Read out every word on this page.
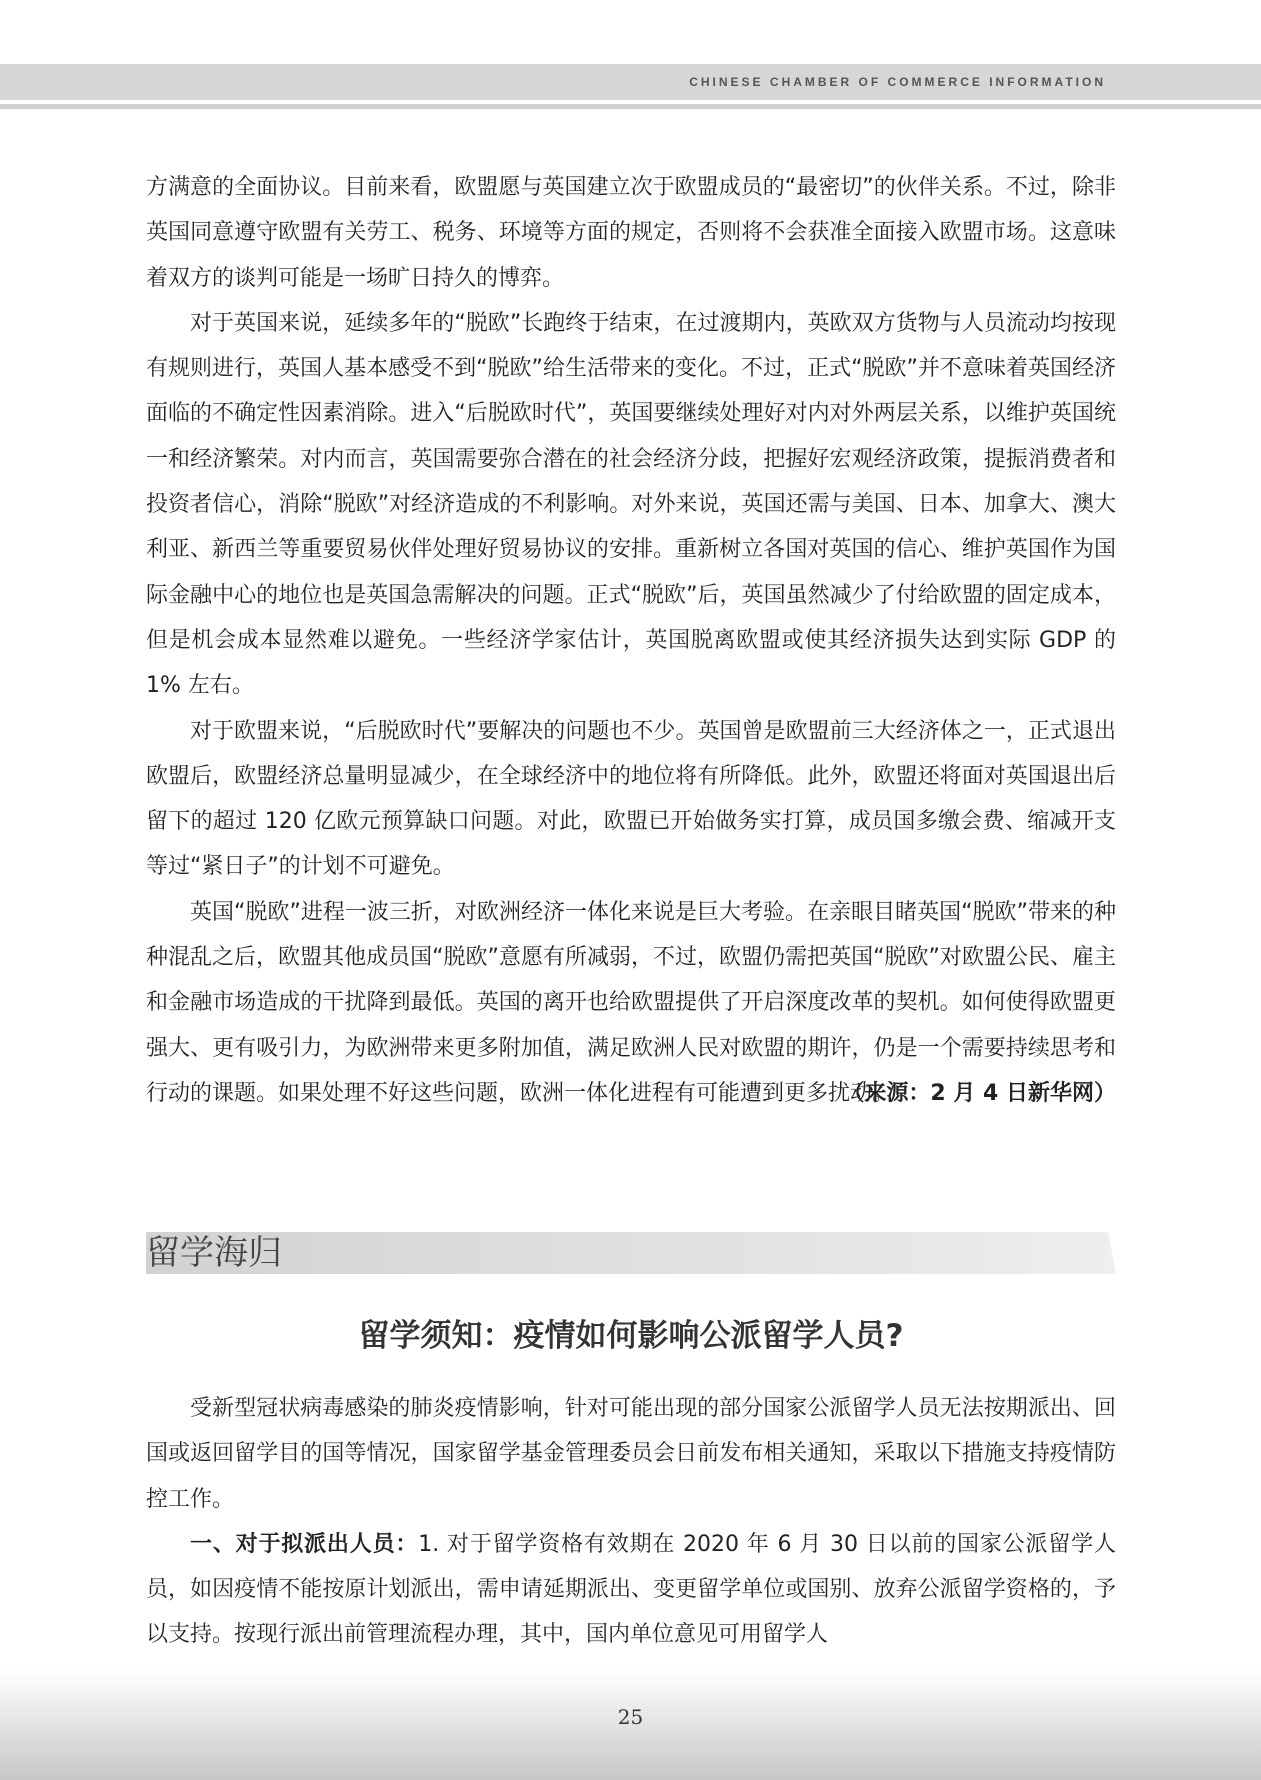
CHINESE CHAMBER OF COMMERCE INFORMATION

方满意的全面协议。目前来看，欧盟愿与英国建立次于欧盟成员的“最密切”的伙伴关系。不过，除非英国同意遵守欧盟有关劳工、税务、环境等方面的规定，否则将不会获准全面接入欧盟市场。这意味着双方的谈判可能是一场旷日持久的博弈。

对于英国来说，延续多年的“脱欧”长跑终于结束，在过渡期内，英欧双方货物与人员流动均按现有规则进行，英国人基本感受不到“脱欧”给生活带来的变化。不过，正式“脱欧”并不意味着英国经济面临的不确定性因素消除。进入“后脱欧时代”，英国要继续处理好对内对外两层关系，以维护英国统一和经济繁荣。对内而言，英国需要弥合潜在的社会经济分歧，把握好宏观经济政策，提振消费者和投资者信心，消除“脱欧”对经济造成的不利影响。对外来说，英国还需与美国、日本、加拿大、澳大利亚、新西兰等重要贸易伙伴处理好贸易协议的安排。重新树立各国对英国的信心、维护英国作为国际金融中心的地位也是英国急需解决的问题。正式“脱欧”后，英国虽然减少了付给欧盟的固定成本，但是机会成本显然难以避免。一些经济学家估计，英国脱离欧盟或使其经济损失达到实际 GDP 的 1% 左右。

对于欧盟来说，“后脱欧时代”要解决的问题也不少。英国曾是欧盟前三大经济体之一，正式退出欧盟后，欧盟经济总量明显减少，在全球经济中的地位将有所降低。此外，欧盟还将面对英国退出后留下的超过 120 亿欧元预算缺口问题。对此，欧盟已开始做务实打算，成员国多缴会费、缩减开支等过“紧日子”的计划不可避免。

英国“脱欧”进程一波三折，对欧洲经济一体化来说是巨大考验。在亲眼目睹英国“脱欧”带来的种种混乱之后，欧盟其他成员国“脱欧”意愿有所减弱，不过，欧盟仍需把英国“脱欧”对欧盟公民、雇主和金融市场造成的干扰降到最低。英国的离开也给欧盟提供了开启深度改革的契机。如何使得欧盟更强大、更有吸引力，为欧洲带来更多附加值，满足欧洲人民对欧盟的期许，仍是一个需要持续思考和行动的课题。如果处理不好这些问题，欧洲一体化进程有可能遭到更多扰动。

（来源：2 月 4 日新华网）
留学海归
留学须知：疫情如何影响公派留学人员?

受新型冠状病毒感染的肺炎疫情影响，针对可能出现的部分国家公派留学人员无法按期派出、回国或返回留学目的国等情况，国家留学基金管理委员会日前发布相关通知，采取以下措施支持疫情防控工作。

一、对于拟派出人员：1. 对于留学资格有效期在 2020 年 6 月 30 日以前的国家公派留学人员，如因疫情不能按原计划派出，需申请延期派出、变更留学单位或国别、放弃公派留学资格的，予以支持。按现行派出前管理流程办理，其中，国内单位意见可用留学人

25
